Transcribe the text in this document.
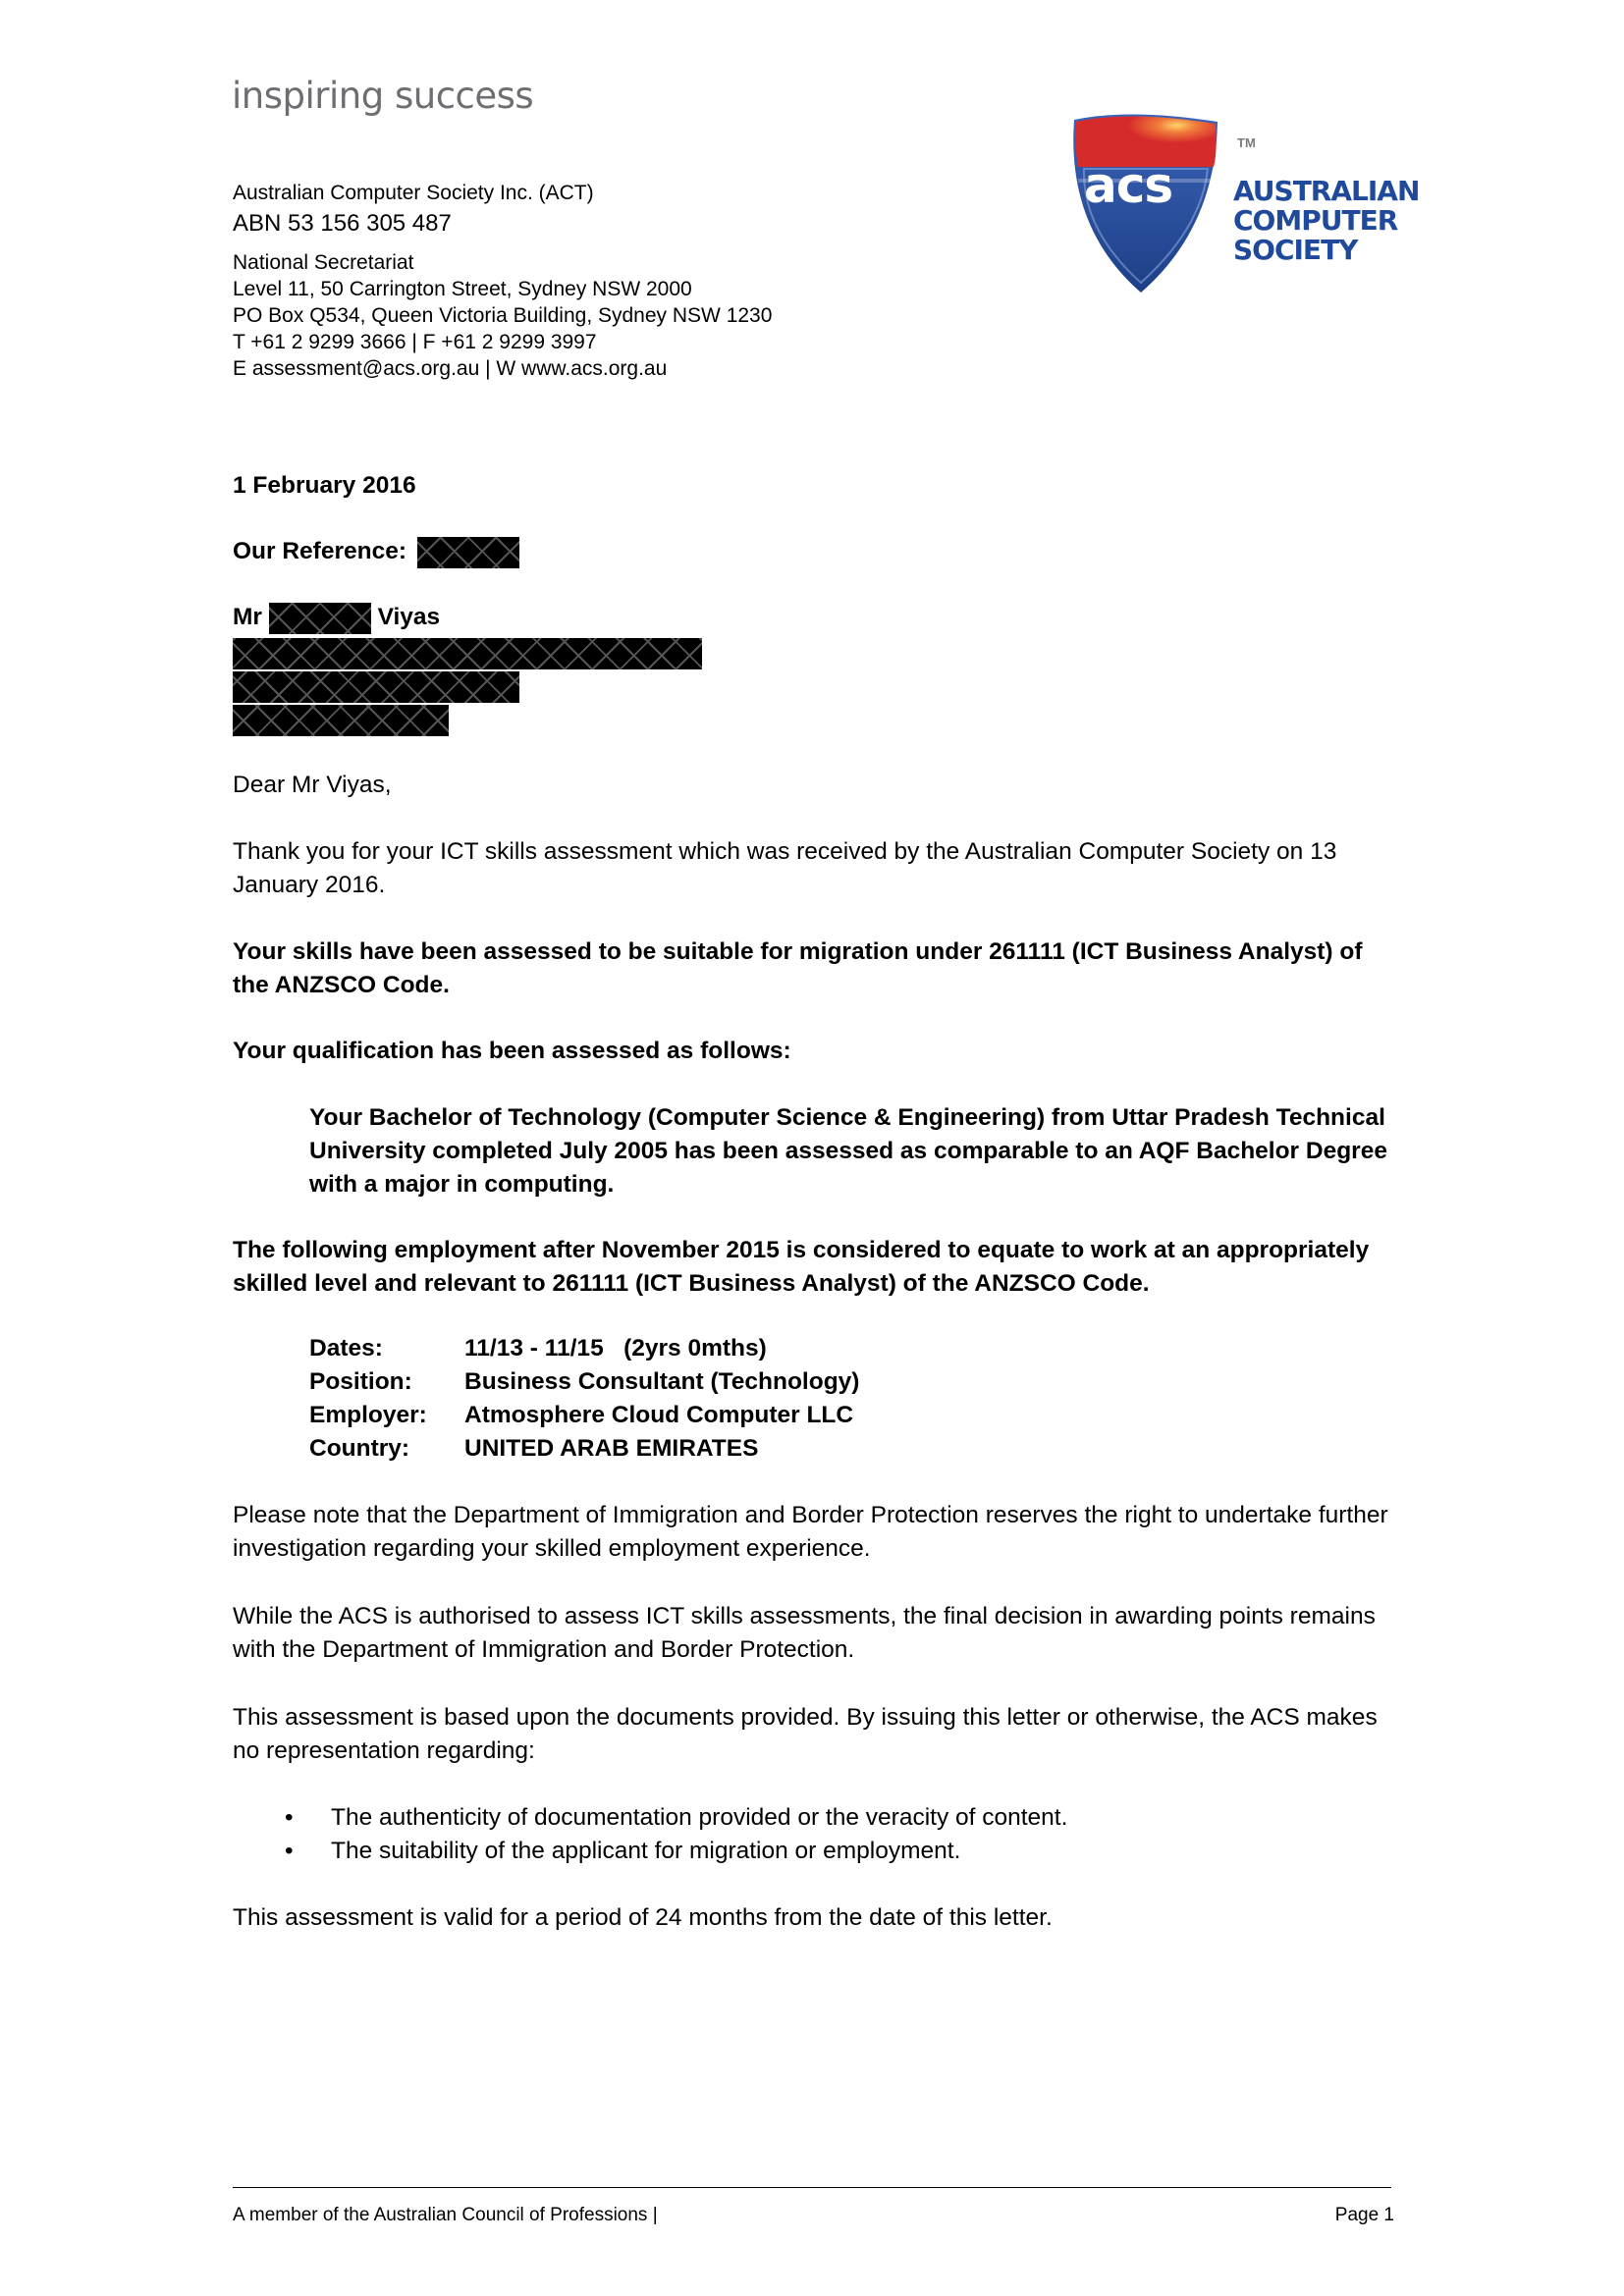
inspiring success
Australian Computer Society Inc. (ACT)
ABN 53 156 305 487
National Secretariat
Level 11, 50 Carrington Street, Sydney NSW 2000
PO Box Q534, Queen Victoria Building, Sydney NSW 1230
T +61 2 9299 3666 | F +61 2 9299 3997
E assessment@acs.org.au | W www.acs.org.au
acs
TM
AUSTRALIAN
COMPUTER
SOCIETY
1 February 2016
Our Reference:
Mr	Viyas
Dear Mr Viyas,
Thank you for your ICT skills assessment which was received by the Australian Computer Society on 13 January 2016.
Your skills have been assessed to be suitable for migration under 261111 (ICT Business Analyst) of the ANZSCO Code.
Your qualification has been assessed as follows:
Your Bachelor of Technology (Computer Science & Engineering) from Uttar Pradesh Technical University completed July 2005 has been assessed as comparable to an AQF Bachelor Degree with a major in computing.
The following employment after November 2015 is considered to equate to work at an appropriately skilled level and relevant to 261111 (ICT Business Analyst) of the ANZSCO Code.
Dates:	11/13 - 11/15   (2yrs 0mths)
Position:	Business Consultant (Technology)
Employer:	Atmosphere Cloud Computer LLC
Country:	UNITED ARAB EMIRATES
Please note that the Department of Immigration and Border Protection reserves the right to undertake further investigation regarding your skilled employment experience.
While the ACS is authorised to assess ICT skills assessments, the final decision in awarding points remains with the Department of Immigration and Border Protection.
This assessment is based upon the documents provided. By issuing this letter or otherwise, the ACS makes no representation regarding:
• The authenticity of documentation provided or the veracity of content.
• The suitability of the applicant for migration or employment.
This assessment is valid for a period of 24 months from the date of this letter.
A member of the Australian Council of Professions |	Page 1
